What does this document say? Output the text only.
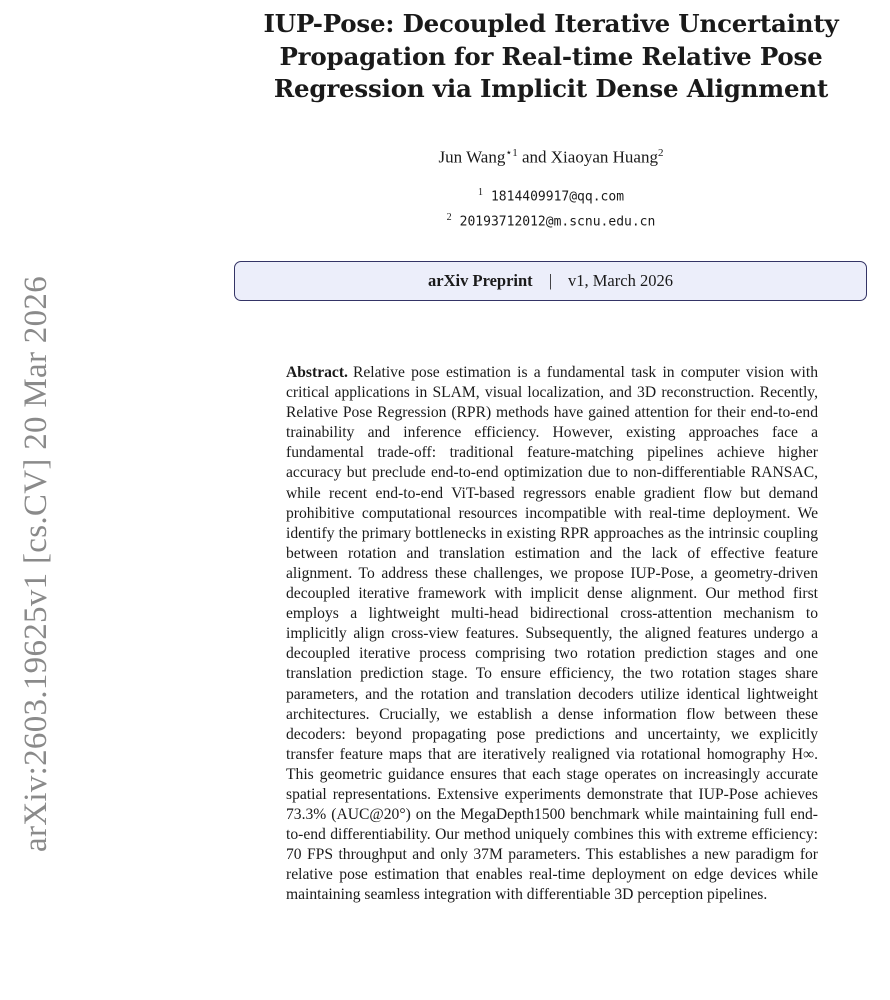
arXiv:2603.19625v1 [cs.CV] 20 Mar 2026
IUP-Pose: Decoupled Iterative Uncertainty Propagation for Real-time Relative Pose Regression via Implicit Dense Alignment
Jun Wang$^{⋆1}$ and Xiaoyan Huang$^2$
$^1$ 1814409917@qq.com
$^2$ 20193712012@m.scnu.edu.cn
arXiv Preprint | v1, March 2026
Abstract. Relative pose estimation is a fundamental task in computer vision with critical applications in SLAM, visual localization, and 3D reconstruction. Recently, Relative Pose Regression (RPR) methods have gained attention for their end-to-end trainability and inference efficiency. However, existing approaches face a fundamental trade-off: traditional feature-matching pipelines achieve higher accuracy but preclude end-to-end optimization due to non-differentiable RANSAC, while recent end-to-end ViT-based regressors enable gradient flow but demand prohibitive computational resources incompatible with real-time deployment. We identify the primary bottlenecks in existing RPR approaches as the intrinsic coupling between rotation and translation estimation and the lack of effective feature alignment. To address these challenges, we propose IUP-Pose, a geometry-driven decoupled iterative framework with implicit dense alignment. Our method first employs a lightweight multi-head bidirectional cross-attention mechanism to implicitly align cross-view features. Subsequently, the aligned features undergo a decoupled iterative process comprising two rotation prediction stages and one translation prediction stage. To ensure efficiency, the two rotation stages share parameters, and the rotation and translation decoders utilize identical lightweight architectures. Crucially, we establish a dense information flow between these decoders: beyond propagating pose predictions and uncertainty, we explicitly transfer feature maps that are iteratively realigned via rotational homography H∞. This geometric guidance ensures that each stage operates on increasingly accurate spatial representations. Extensive experiments demonstrate that IUP-Pose achieves 73.3% (AUC@20°) on the MegaDepth1500 benchmark while maintaining full end-to-end differentiability. Our method uniquely combines this with extreme efficiency: 70 FPS throughput and only 37M parameters. This establishes a new paradigm for relative pose estimation that enables real-time deployment on edge devices while maintaining seamless integration with differentiable 3D perception pipelines.
